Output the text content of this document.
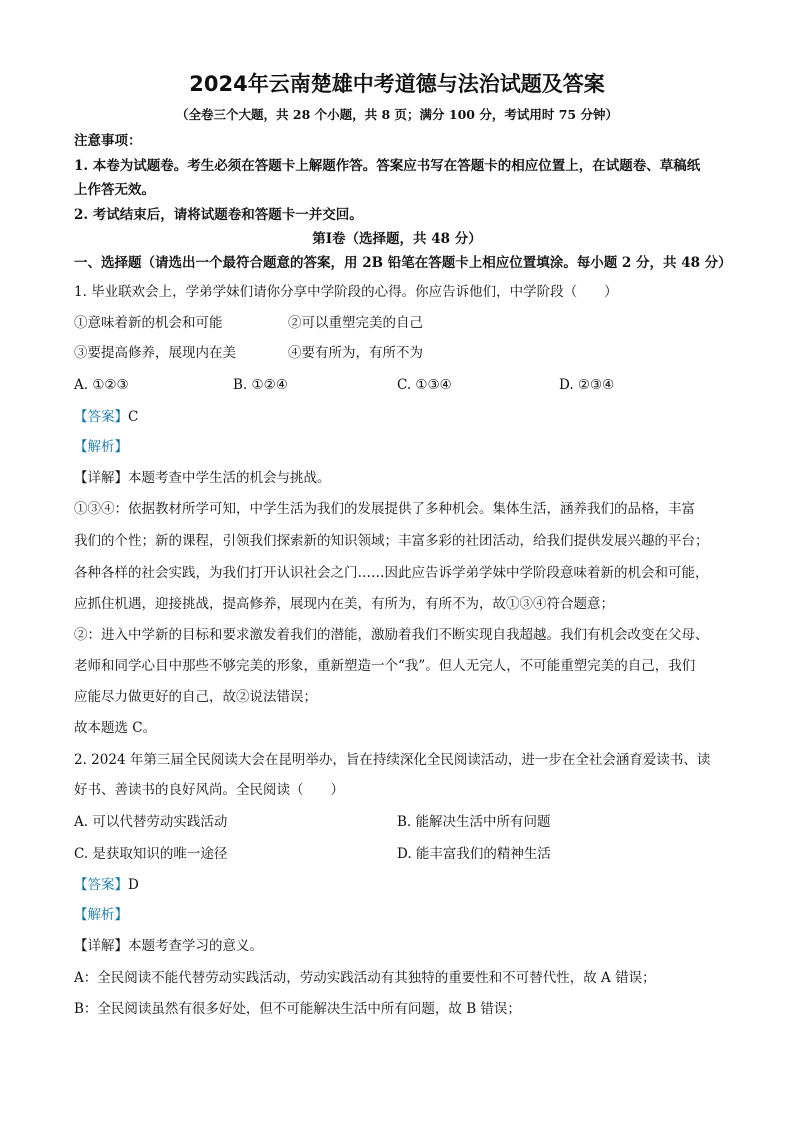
2024年云南楚雄中考道德与法治试题及答案
（全卷三个大题，共 28 个小题，共 8 页；满分 100 分，考试用时 75 分钟）
注意事项：
1. 本卷为试题卷。考生必须在答题卡上解题作答。答案应书写在答题卡的相应位置上，在试题卷、草稿纸
上作答无效。
2. 考试结束后，请将试题卷和答题卡一并交回。
第Ⅰ卷（选择题，共 48 分）
一、选择题（请选出一个最符合题意的答案，用 2B 铅笔在答题卡上相应位置填涂。每小题 2 分，共 48 分）
1. 毕业联欢会上，学弟学妹们请你分享中学阶段的心得。你应告诉他们，中学阶段（　　）
①意味着新的机会和可能	②可以重塑完美的自己
③要提高修养，展现内在美	④要有所为，有所不为
A. ①②③	B. ①②④	C. ①③④	D. ②③④
【答案】C
【解析】
【详解】本题考查中学生活的机会与挑战。
①③④：依据教材所学可知，中学生活为我们的发展提供了多种机会。集体生活，涵养我们的品格，丰富
我们的个性；新的课程，引领我们探索新的知识领域；丰富多彩的社团活动，给我们提供发展兴趣的平台；
各种各样的社会实践，为我们打开认识社会之门……因此应告诉学弟学妹中学阶段意味着新的机会和可能，
应抓住机遇，迎接挑战，提高修养，展现内在美，有所为，有所不为，故①③④符合题意；
②：进入中学新的目标和要求激发着我们的潜能，激励着我们不断实现自我超越。我们有机会改变在父母、
老师和同学心目中那些不够完美的形象，重新塑造一个“我”。但人无完人，不可能重塑完美的自己，我们
应能尽力做更好的自己，故②说法错误；
故本题选 C。
2. 2024 年第三届全民阅读大会在昆明举办，旨在持续深化全民阅读活动，进一步在全社会涵育爱读书、读
好书、善读书的良好风尚。全民阅读（　　）
A. 可以代替劳动实践活动	B. 能解决生活中所有问题
C. 是获取知识的唯一途径	D. 能丰富我们的精神生活
【答案】D
【解析】
【详解】本题考查学习的意义。
A：全民阅读不能代替劳动实践活动，劳动实践活动有其独特的重要性和不可替代性，故 A 错误；
B：全民阅读虽然有很多好处，但不可能解决生活中所有问题，故 B 错误；
